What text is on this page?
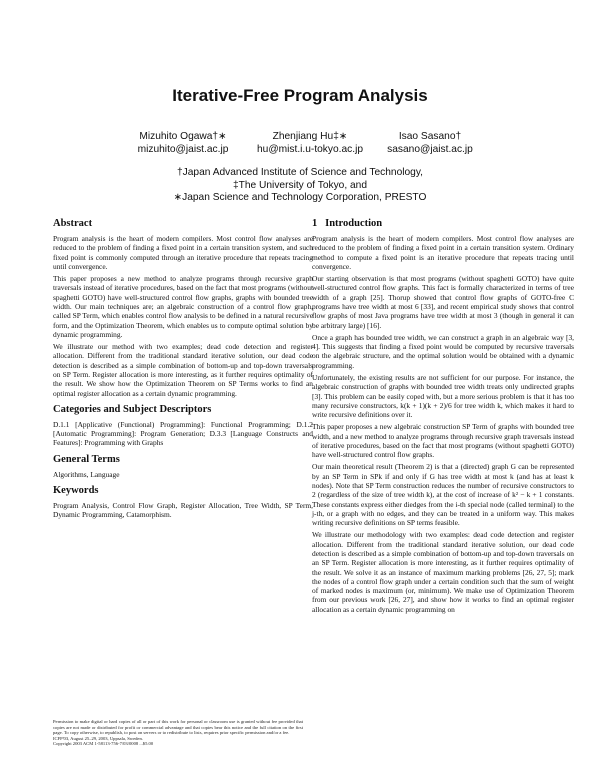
Iterative-Free Program Analysis
Mizuhito Ogawa†∗
mizuhito@jaist.ac.jp
Zhenjiang Hu‡∗
hu@mist.i.u-tokyo.ac.jp
Isao Sasano†
sasano@jaist.ac.jp
†Japan Advanced Institute of Science and Technology,
‡The University of Tokyo, and
∗Japan Science and Technology Corporation, PRESTO
Abstract

Program analysis is the heart of modern compilers. Most control flow analyses are reduced to the problem of finding a fixed point in a certain transition system, and such fixed point is commonly computed through an iterative procedure that repeats tracing until convergence.

This paper proposes a new method to analyze programs through recursive graph traversals instead of iterative procedures, based on the fact that most programs (without spaghetti GOTO) have well-structured control flow graphs, graphs with bounded tree width. Our main techniques are; an algebraic construction of a control flow graph, called SP Term, which enables control flow analysis to be defined in a natural recursive form, and the Optimization Theorem, which enables us to compute optimal solution by dynamic programming.

We illustrate our method with two examples; dead code detection and register allocation. Different from the traditional standard iterative solution, our dead code detection is described as a simple combination of bottom-up and top-down traversals on SP Term. Register allocation is more interesting, as it further requires optimality of the result. We show how the Optimization Theorem on SP Terms works to find an optimal register allocation as a certain dynamic programming.

Categories and Subject Descriptors

D.1.1 [Applicative (Functional) Programming]: Functional Programming; D.1.2 [Automatic Programming]: Program Generation; D.3.3 [Language Constructs and Features]: Programming with Graphs

General Terms

Algorithms, Language

Keywords

Program Analysis, Control Flow Graph, Register Allocation, Tree Width, SP Term, Dynamic Programming, Catamorphism.

Permission to make digital or hard copies of all or part of this work for personal or classroom use is granted without fee provided that copies are not made or distributed for profit or commercial advantage and that copies bear this notice and the full citation on the first page. To copy otherwise, to republish, to post on servers or to redistribute to lists, requires prior specific permission and/or a fee.

ICFP'03, August 25–29, 2003, Uppsala, Sweden.

Copyright 2003 ACM 1-58113-756-7/03/0008 ...$5.00

1   Introduction

Program analysis is the heart of modern compilers. Most control flow analyses are reduced to the problem of finding a fixed point in a certain transition system. Ordinary method to compute a fixed point is an iterative procedure that repeats tracing until convergence.

Our starting observation is that most programs (without spaghetti GOTO) have quite well-structured control flow graphs. This fact is formally characterized in terms of tree width of a graph [25]. Thorup showed that control flow graphs of GOTO-free C programs have tree width at most 6 [33], and recent empirical study shows that control flow graphs of most Java programs have tree width at most 3 (though in general it can be arbitrary large) [16].

Once a graph has bounded tree width, we can construct a graph in an algebraic way [3, 4]. This suggests that finding a fixed point would be computed by recursive traversals on the algebraic structure, and the optimal solution would be obtained with a dynamic programming.

Unfortunately, the existing results are not sufficient for our purpose. For instance, the algebraic construction of graphs with bounded tree width treats only undirected graphs [3]. This problem can be easily coped with, but a more serious problem is that it has too many recursive constructors, k(k + 1)(k + 2)/6 for tree width k, which makes it hard to write recursive definitions over it.

This paper proposes a new algebraic construction SP Term of graphs with bounded tree width, and a new method to analyze programs through recursive graph traversals instead of iterative procedures, based on the fact that most programs (without spaghetti GOTO) have well-structured control flow graphs.

Our main theoretical result (Theorem 2) is that a (directed) graph G can be represented by an SP Term in SPk if and only if G has tree width at most k (and has at least k nodes). Note that SP Term construction reduces the number of recursive constructors to 2 (regardless of the size of tree width k), at the cost of increase of k² − k + 1 constants. These constants express either diedges from the i-th special node (called terminal) to the j-th, or a graph with no edges, and they can be treated in a uniform way. This makes writing recursive definitions on SP terms feasible.

We illustrate our methodology with two examples: dead code detection and register allocation. Different from the traditional standard iterative solution, our dead code detection is described as a simple combination of bottom-up and top-down traversals on an SP Term. Register allocation is more interesting, as it further requires optimality of the result. We solve it as an instance of maximum marking problems [26, 27, 5]; mark the nodes of a control flow graph under a certain condition such that the sum of weight of marked nodes is maximum (or, minimum). We make use of Optimization Theorem from our previous work [26, 27], and show how it works to find an optimal register allocation as a certain dynamic programming on
